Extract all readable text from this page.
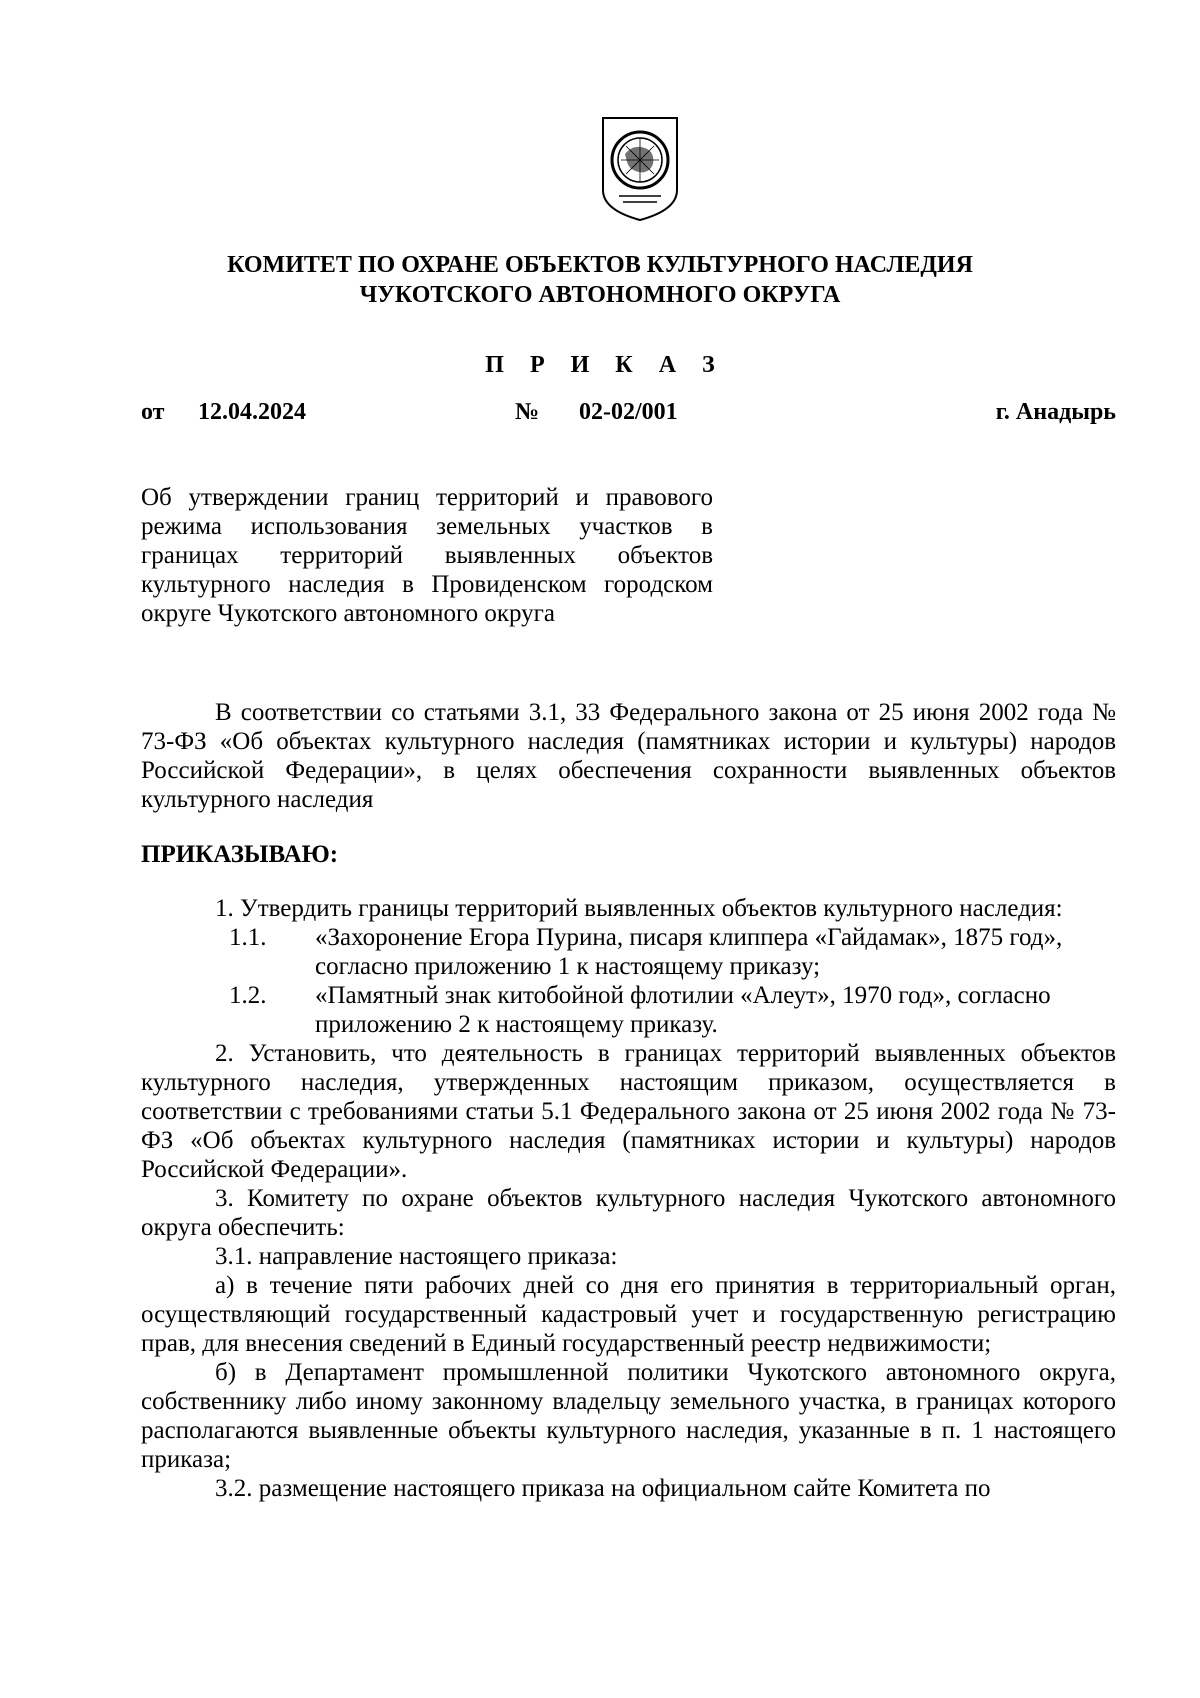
КОМИТЕТ ПО ОХРАНЕ ОБЪЕКТОВ КУЛЬТУРНОГО НАСЛЕДИЯ
ЧУКОТСКОГО АВТОНОМНОГО ОКРУГА
П Р И К А З
от 12.04.2024	№ 02-02/001	г. Анадырь

Об утверждении границ территорий и правового режима использования земельных участков в границах территорий выявленных объектов культурного наследия в Провиденском городском округе Чукотского автономного округа

В соответствии со статьями 3.1, 33 Федерального закона от 25 июня 2002 года № 73-ФЗ «Об объектах культурного наследия (памятниках истории и культуры) народов Российской Федерации», в целях обеспечения сохранности выявленных объектов культурного наследия

ПРИКАЗЫВАЮ:

1. Утвердить границы территорий выявленных объектов культурного наследия:

1.1.	«Захоронение Егора Пурина, писаря клиппера «Гайдамак», 1875 год», согласно приложению 1 к настоящему приказу;
1.2.	«Памятный знак китобойной флотилии «Алеут», 1970 год», согласно приложению 2 к настоящему приказу.

2. Установить, что деятельность в границах территорий выявленных объектов культурного наследия, утвержденных настоящим приказом, осуществляется в соответствии с требованиями статьи 5.1 Федерального закона от 25 июня 2002 года № 73-ФЗ «Об объектах культурного наследия (памятниках истории и культуры) народов Российской Федерации».

3. Комитету по охране объектов культурного наследия Чукотского автономного округа обеспечить:

3.1. направление настоящего приказа:

а) в течение пяти рабочих дней со дня его принятия в территориальный орган, осуществляющий государственный кадастровый учет и государственную регистрацию прав, для внесения сведений в Единый государственный реестр недвижимости;

б) в Департамент промышленной политики Чукотского автономного округа, собственнику либо иному законному владельцу земельного участка, в границах которого располагаются выявленные объекты культурного наследия, указанные в п. 1 настоящего приказа;

3.2. размещение настоящего приказа на официальном сайте Комитета по
